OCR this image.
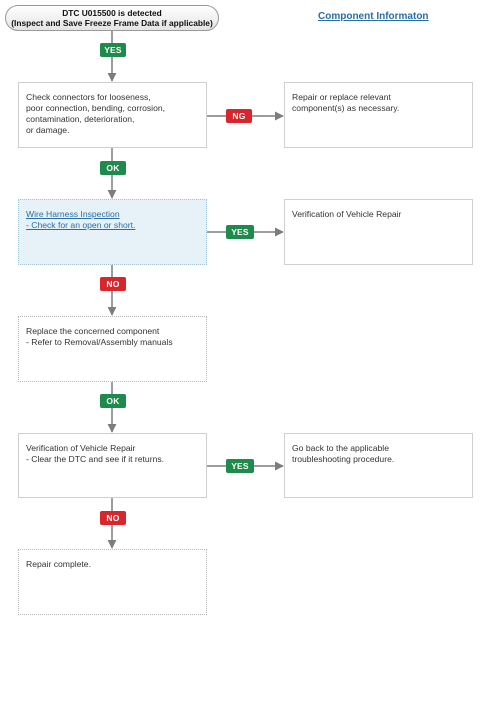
DTC U015500 is detected
(Inspect and Save Freeze Frame Data if applicable)
Component Informaton
YES
NG
OK
YES
NO
OK
YES
NO
Check connectors for looseness,
poor connection, bending, corrosion,
contamination, deterioration,
or damage.
Repair or replace relevant
component(s) as necessary.
Wire Harness Inspection
- Check for an open or short.
Verification of Vehicle Repair
Replace the concerned component
- Refer to Removal/Assembly manuals
Verification of Vehicle Repair
- Clear the DTC and see if it returns.
Go back to the applicable
troubleshooting procedure.
Repair complete.
